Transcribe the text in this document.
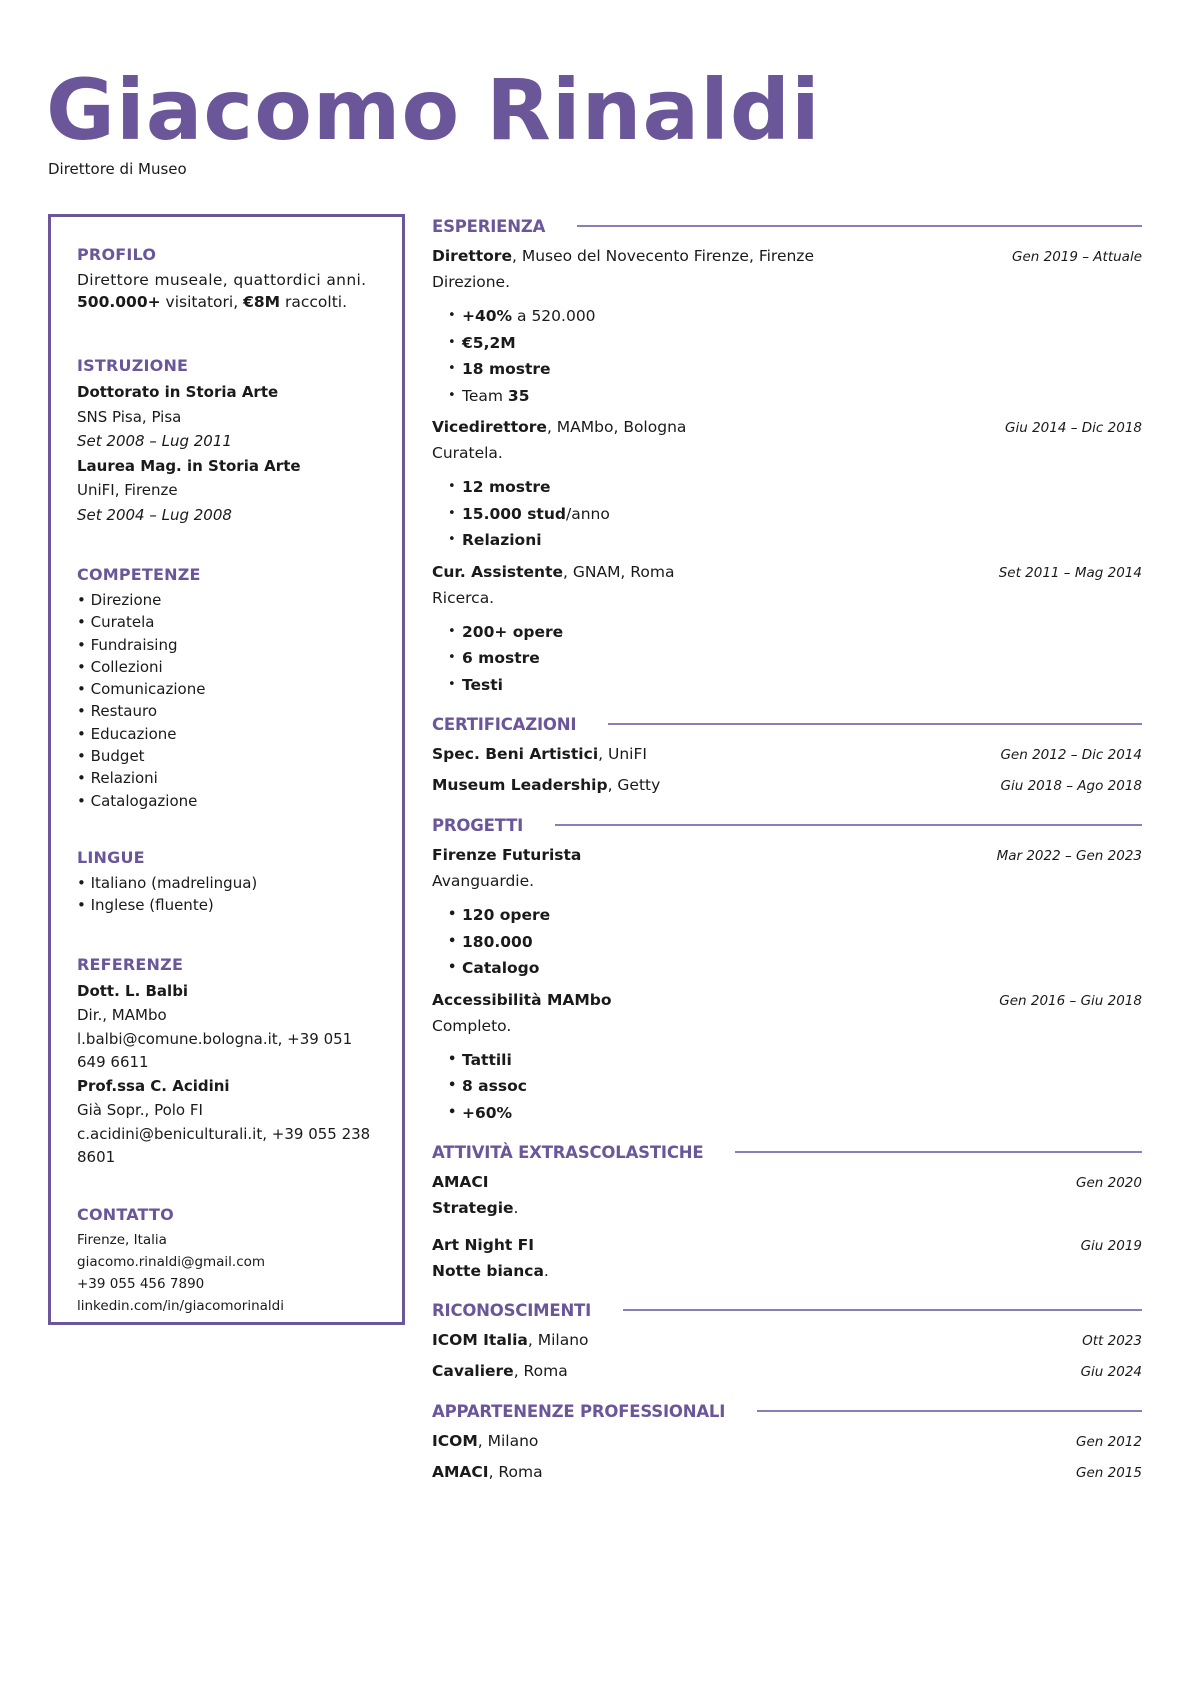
Giacomo Rinaldi
Direttore di Museo
PROFILO
Direttore museale, quattordici anni.
500.000+ visitatori, €8M raccolti.
ISTRUZIONE
Dottorato in Storia Arte
SNS Pisa, Pisa
Set 2008 – Lug 2011
Laurea Mag. in Storia Arte
UniFI, Firenze
Set 2004 – Lug 2008
COMPETENZE
• Direzione
• Curatela
• Fundraising
• Collezioni
• Comunicazione
• Restauro
• Educazione
• Budget
• Relazioni
• Catalogazione
LINGUE
• Italiano (madrelingua)
• Inglese (fluente)
REFERENZE
Dott. L. Balbi
Dir., MAMbo
l.balbi@comune.bologna.it, +39 051 649 6611
Prof.ssa C. Acidini
Già Sopr., Polo FI
c.acidini@beniculturali.it, +39 055 238 8601
CONTATTO
Firenze, Italia
giacomo.rinaldi@gmail.com
+39 055 456 7890
linkedin.com/in/giacomorinaldi
ESPERIENZA
Direttore, Museo del Novecento Firenze, Firenze	Gen 2019 – Attuale
Direzione.
• +40% a 520.000
• €5,2M
• 18 mostre
• Team 35
Vicedirettore, MAMbo, Bologna	Giu 2014 – Dic 2018
Curatela.
• 12 mostre
• 15.000 stud/anno
• Relazioni
Cur. Assistente, GNAM, Roma	Set 2011 – Mag 2014
Ricerca.
• 200+ opere
• 6 mostre
• Testi
CERTIFICAZIONI
Spec. Beni Artistici, UniFI	Gen 2012 – Dic 2014
Museum Leadership, Getty	Giu 2018 – Ago 2018
PROGETTI
Firenze Futurista	Mar 2022 – Gen 2023
Avanguardie.
• 120 opere
• 180.000
• Catalogo
Accessibilità MAMbo	Gen 2016 – Giu 2018
Completo.
• Tattili
• 8 assoc
• +60%
ATTIVITÀ EXTRASCOLASTICHE
AMACI	Gen 2020
Strategie.
Art Night FI	Giu 2019
Notte bianca.
RICONOSCIMENTI
ICOM Italia, Milano	Ott 2023
Cavaliere, Roma	Giu 2024
APPARTENENZE PROFESSIONALI
ICOM, Milano	Gen 2012
AMACI, Roma	Gen 2015
